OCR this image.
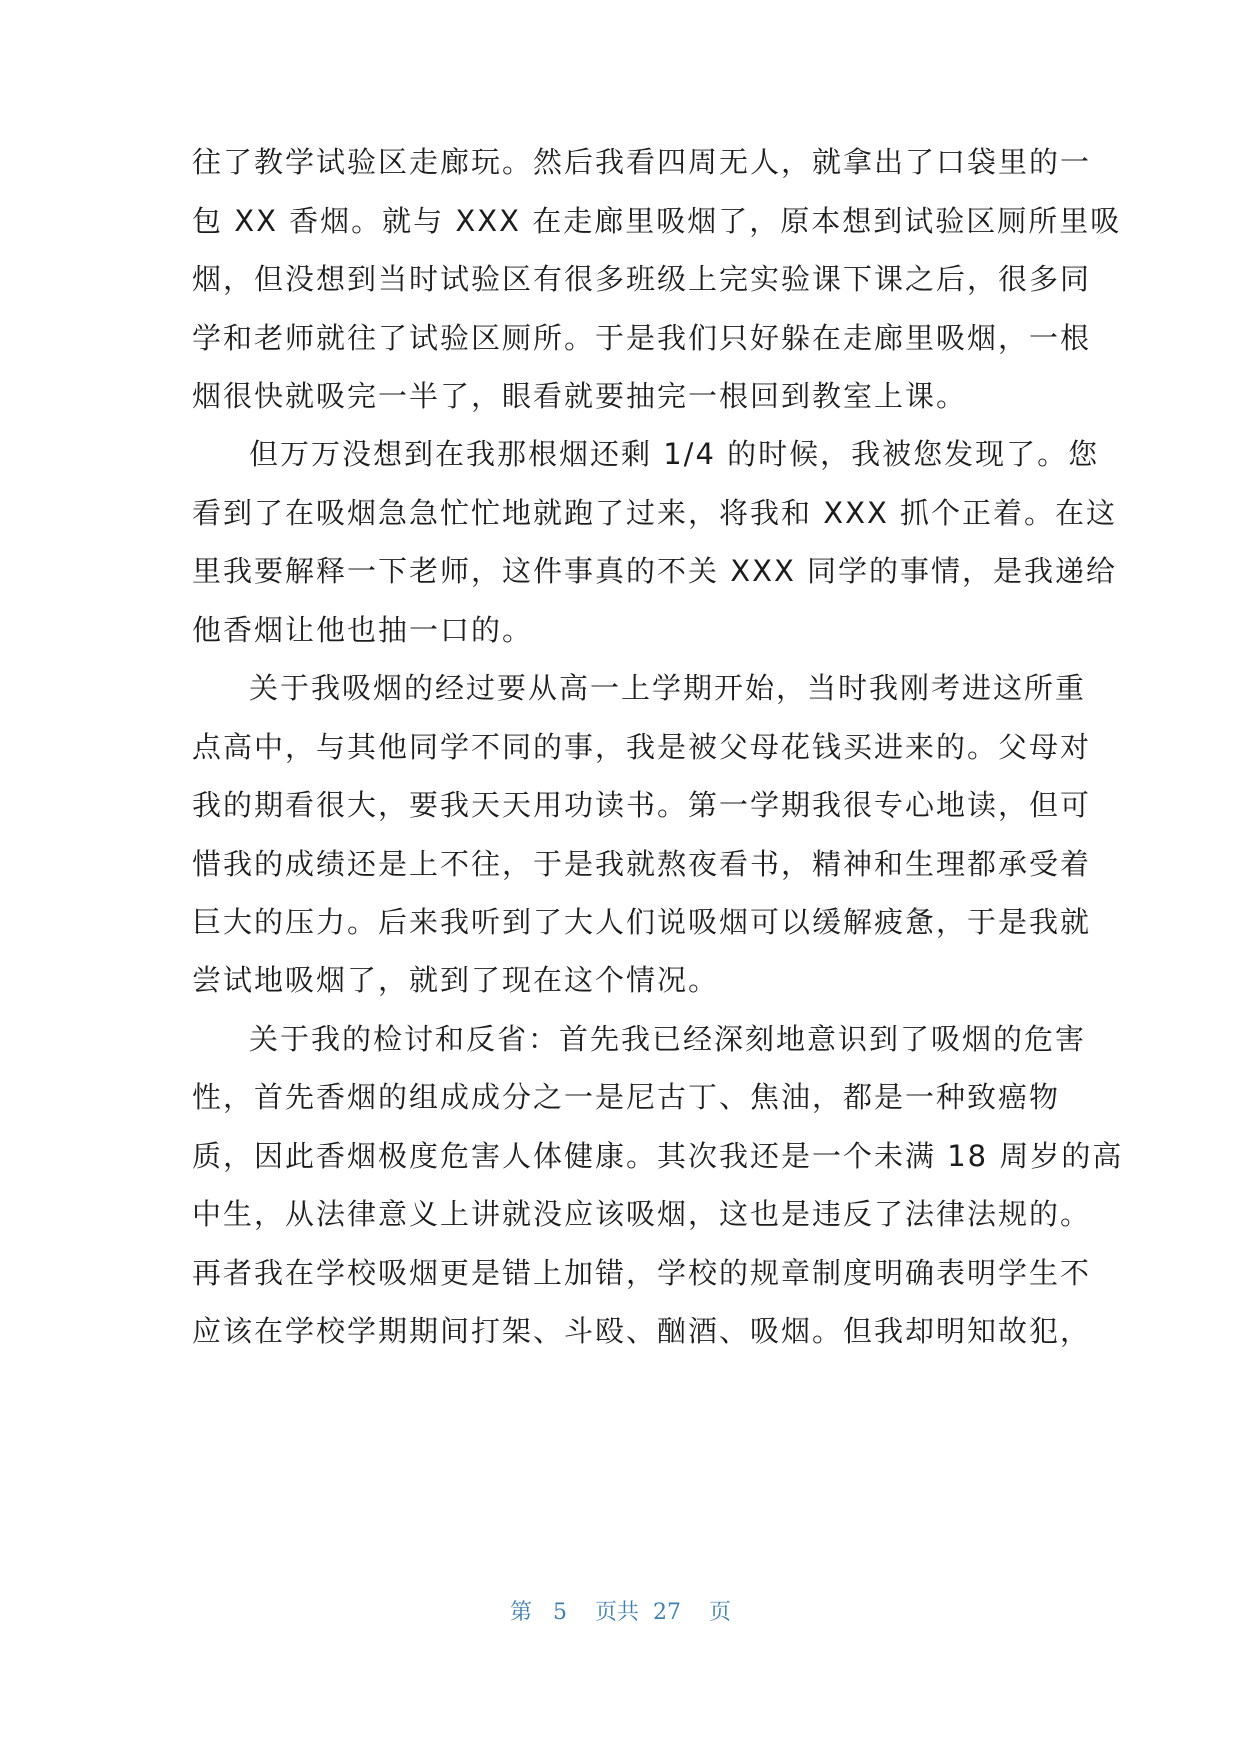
往了教学试验区走廊玩。然后我看四周无人，就拿出了口袋里的一
包 XX 香烟。就与 XXX 在走廊里吸烟了，原本想到试验区厕所里吸
烟，但没想到当时试验区有很多班级上完实验课下课之后，很多同
学和老师就往了试验区厕所。于是我们只好躲在走廊里吸烟，一根
烟很快就吸完一半了，眼看就要抽完一根回到教室上课。
但万万没想到在我那根烟还剩 1/4 的时候，我被您发现了。您
看到了在吸烟急急忙忙地就跑了过来，将我和 XXX 抓个正着。在这
里我要解释一下老师，这件事真的不关 XXX 同学的事情，是我递给
他香烟让他也抽一口的。
关于我吸烟的经过要从高一上学期开始，当时我刚考进这所重
点高中，与其他同学不同的事，我是被父母花钱买进来的。父母对
我的期看很大，要我天天用功读书。第一学期我很专心地读，但可
惜我的成绩还是上不往，于是我就熬夜看书，精神和生理都承受着
巨大的压力。后来我听到了大人们说吸烟可以缓解疲惫，于是我就
尝试地吸烟了，就到了现在这个情况。
关于我的检讨和反省：首先我已经深刻地意识到了吸烟的危害
性，首先香烟的组成成分之一是尼古丁、焦油，都是一种致癌物
质，因此香烟极度危害人体健康。其次我还是一个未满 18 周岁的高
中生，从法律意义上讲就没应该吸烟，这也是违反了法律法规的。
再者我在学校吸烟更是错上加错，学校的规章制度明确表明学生不
应该在学校学期期间打架、斗殴、酗酒、吸烟。但我却明知故犯，
第 5 页共 27 页
